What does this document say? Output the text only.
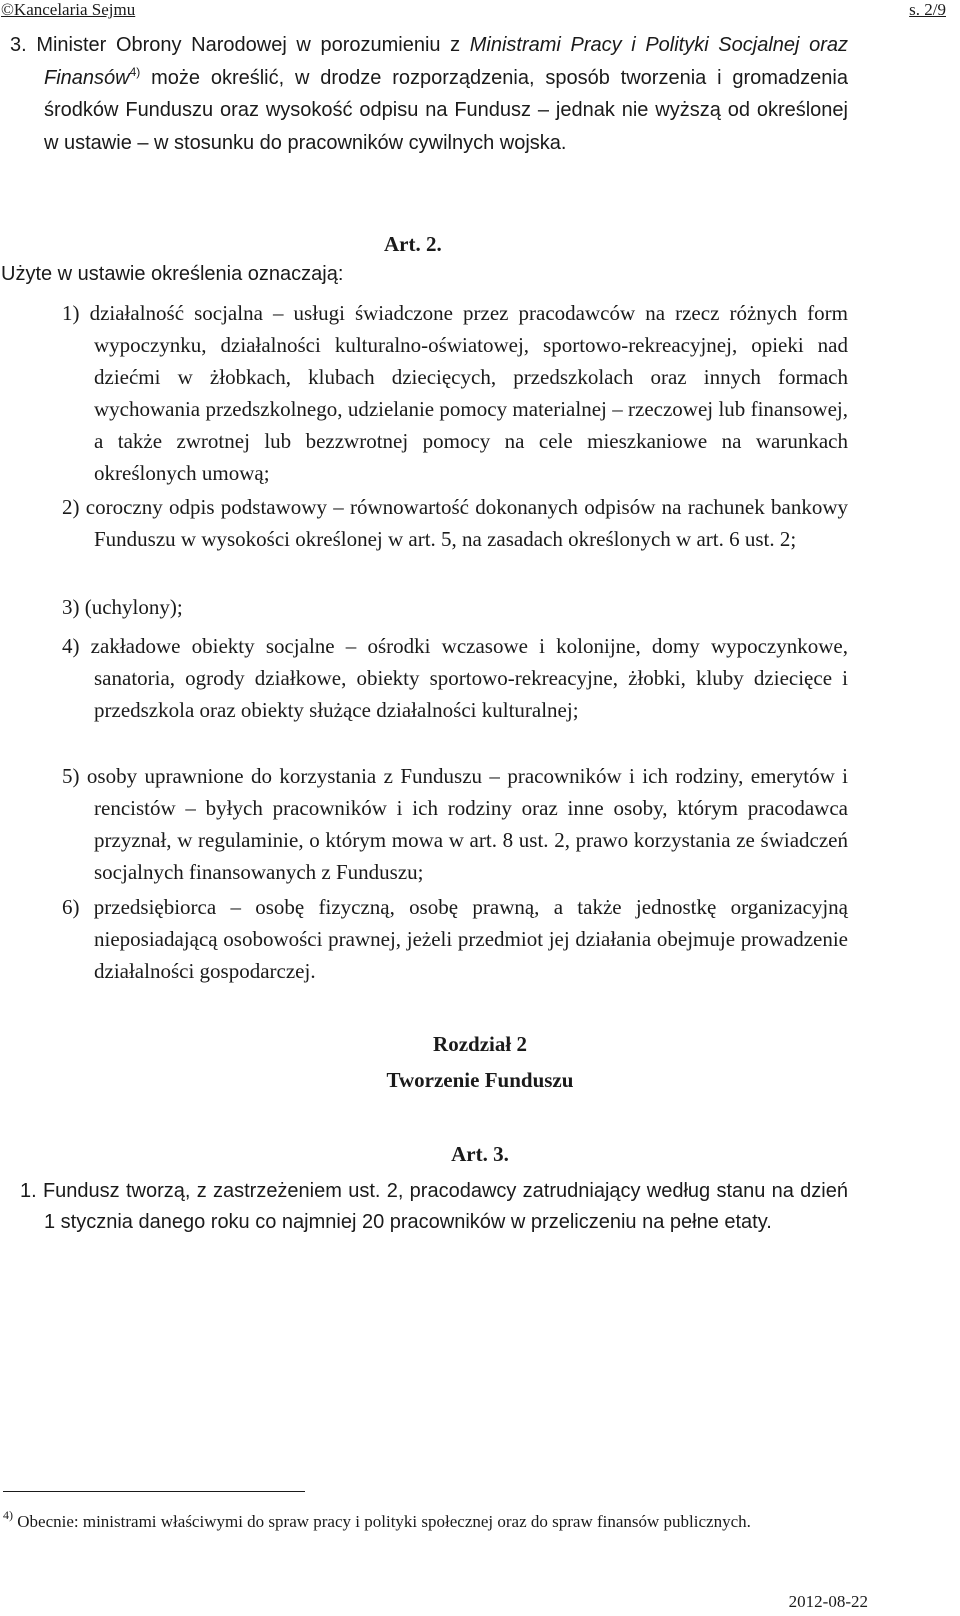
©Kancelaria Sejmu	s. 2/9
3. Minister Obrony Narodowej w porozumieniu z Ministrami Pracy i Polityki Socjalnej oraz Finansów$^{4)}$ może określić, w drodze rozporządzenia, sposób tworzenia i gromadzenia środków Funduszu oraz wysokość odpisu na Fundusz – jednak nie wyższą od określonej w ustawie – w stosunku do pracowników cywilnych wojska.
Art. 2.
Użyte w ustawie określenia oznaczają:
1) działalność socjalna – usługi świadczone przez pracodawców na rzecz różnych form wypoczynku, działalności kulturalno-oświatowej, sportowo-rekreacyjnej, opieki nad dziećmi w żłobkach, klubach dziecięcych, przedszkolach oraz innych formach wychowania przedszkolnego, udzielanie pomocy materialnej – rzeczowej lub finansowej, a także zwrotnej lub bezzwrotnej pomocy na cele mieszkaniowe na warunkach określonych umową;
2) coroczny odpis podstawowy – równowartość dokonanych odpisów na rachunek bankowy Funduszu w wysokości określonej w art. 5, na zasadach określonych w art. 6 ust. 2;
3) (uchylony);
4) zakładowe obiekty socjalne – ośrodki wczasowe i kolonijne, domy wypoczynkowe, sanatoria, ogrody działkowe, obiekty sportowo-rekreacyjne, żłobki, kluby dziecięce i przedszkola oraz obiekty służące działalności kulturalnej;
5) osoby uprawnione do korzystania z Funduszu – pracowników i ich rodziny, emerytów i rencistów – byłych pracowników i ich rodziny oraz inne osoby, którym pracodawca przyznał, w regulaminie, o którym mowa w art. 8 ust. 2, prawo korzystania ze świadczeń socjalnych finansowanych z Funduszu;
6) przedsiębiorca – osobę fizyczną, osobę prawną, a także jednostkę organizacyjną nieposiadającą osobowości prawnej, jeżeli przedmiot jej działania obejmuje prowadzenie działalności gospodarczej.
Rozdział 2
Tworzenie Funduszu
Art. 3.
1. Fundusz tworzą, z zastrzeżeniem ust. 2, pracodawcy zatrudniający według stanu na dzień 1 stycznia danego roku co najmniej 20 pracowników w przeliczeniu na pełne etaty.
$^{4)}$ Obecnie: ministrami właściwymi do spraw pracy i polityki społecznej oraz do spraw finansów publicznych.
2012-08-22
